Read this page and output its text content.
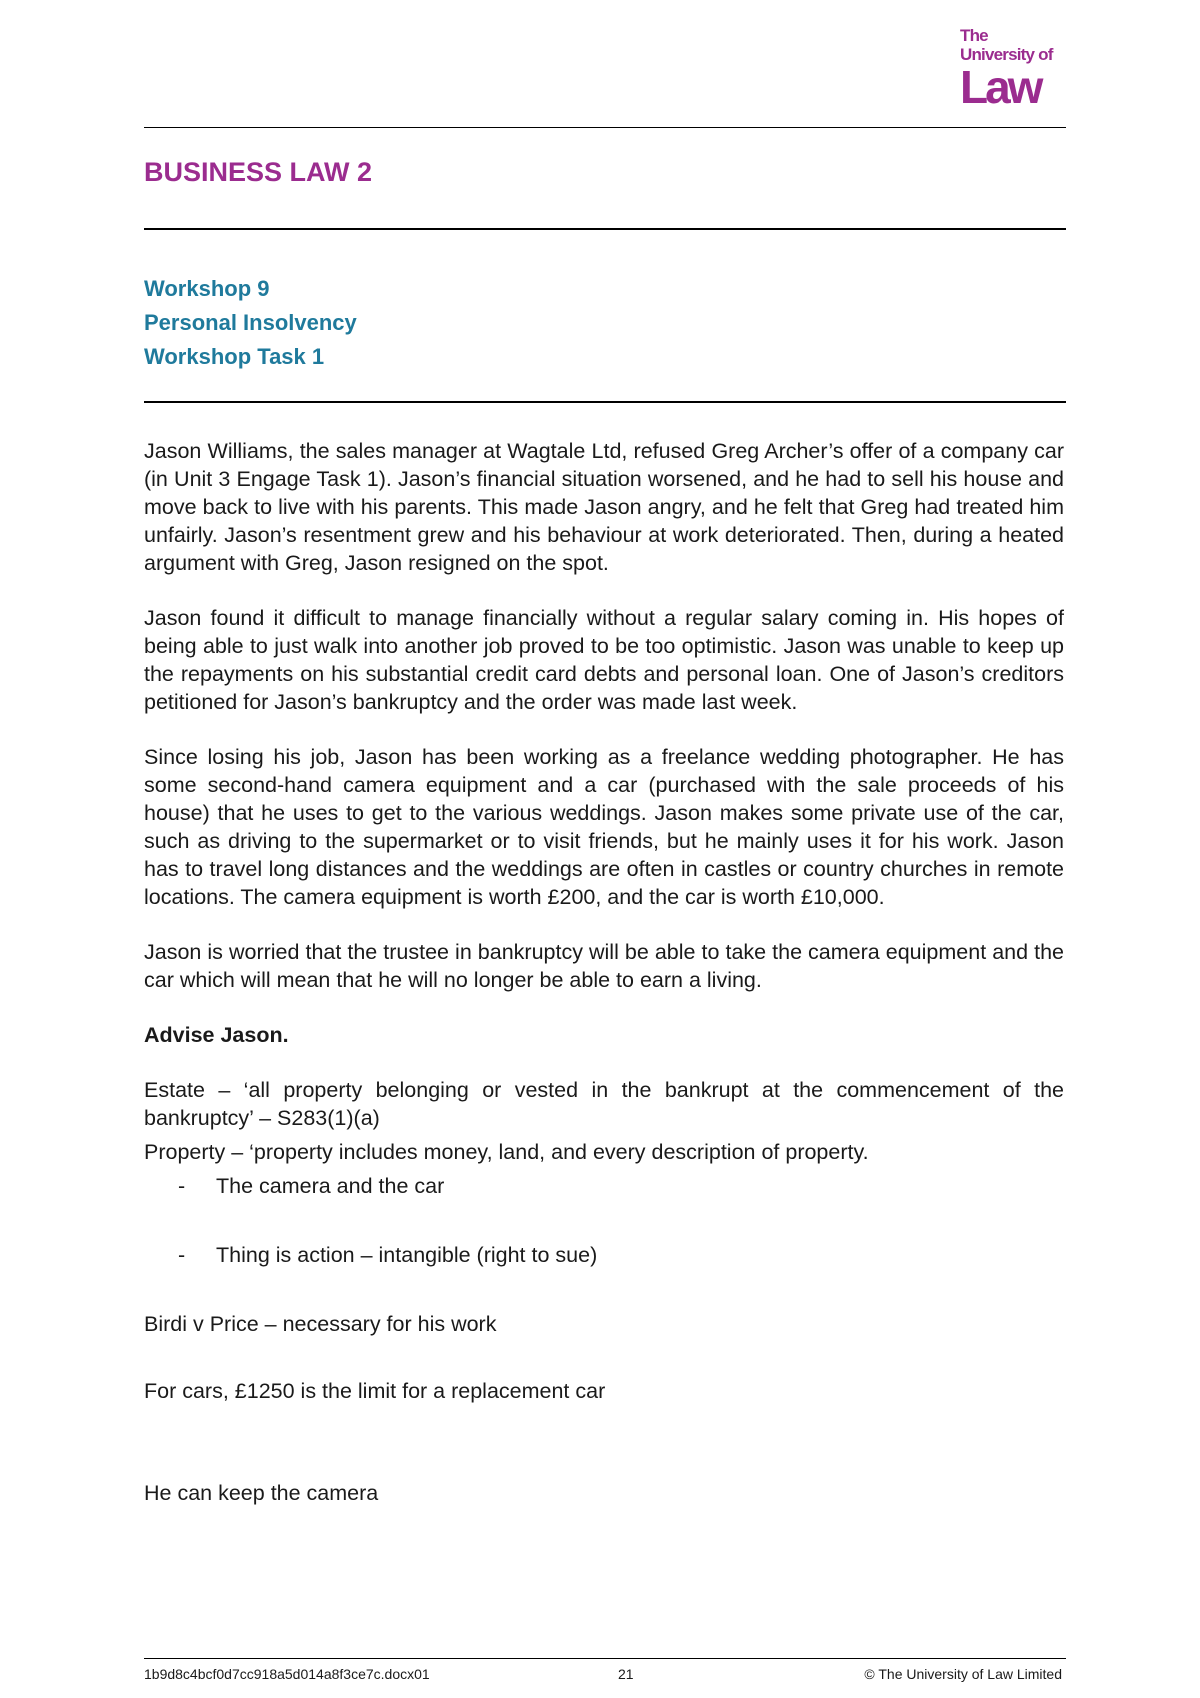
The
University of
Law
BUSINESS LAW 2

Workshop 9

Personal Insolvency

Workshop Task 1

Jason Williams, the sales manager at Wagtale Ltd, refused Greg Archer’s offer of a company car (in Unit 3 Engage Task 1). Jason’s financial situation worsened, and he had to sell his house and move back to live with his parents. This made Jason angry, and he felt that Greg had treated him unfairly. Jason’s resentment grew and his behaviour at work deteriorated. Then, during a heated argument with Greg, Jason resigned on the spot.

Jason found it difficult to manage financially without a regular salary coming in. His hopes of being able to just walk into another job proved to be too optimistic. Jason was unable to keep up the repayments on his substantial credit card debts and personal loan. One of Jason’s creditors petitioned for Jason’s bankruptcy and the order was made last week.

Since losing his job, Jason has been working as a freelance wedding photographer. He has some second-hand camera equipment and a car (purchased with the sale proceeds of his house) that he uses to get to the various weddings. Jason makes some private use of the car, such as driving to the supermarket or to visit friends, but he mainly uses it for his work. Jason has to travel long distances and the weddings are often in castles or country churches in remote locations. The camera equipment is worth £200, and the car is worth £10,000.

Jason is worried that the trustee in bankruptcy will be able to take the camera equipment and the car which will mean that he will no longer be able to earn a living.

Advise Jason.

Estate – ‘all property belonging or vested in the bankrupt at the commencement of the bankruptcy’ – S283(1)(a)

Property – ‘property includes money, land, and every description of property.

-	The camera and the car
-	Thing is action – intangible (right to sue)

Birdi v Price – necessary for his work

For cars, £1250 is the limit for a replacement car

He can keep the camera

1b9d8c4bcf0d7cc918a5d014a8f3ce7c.docx01	21	© The University of Law Limited
